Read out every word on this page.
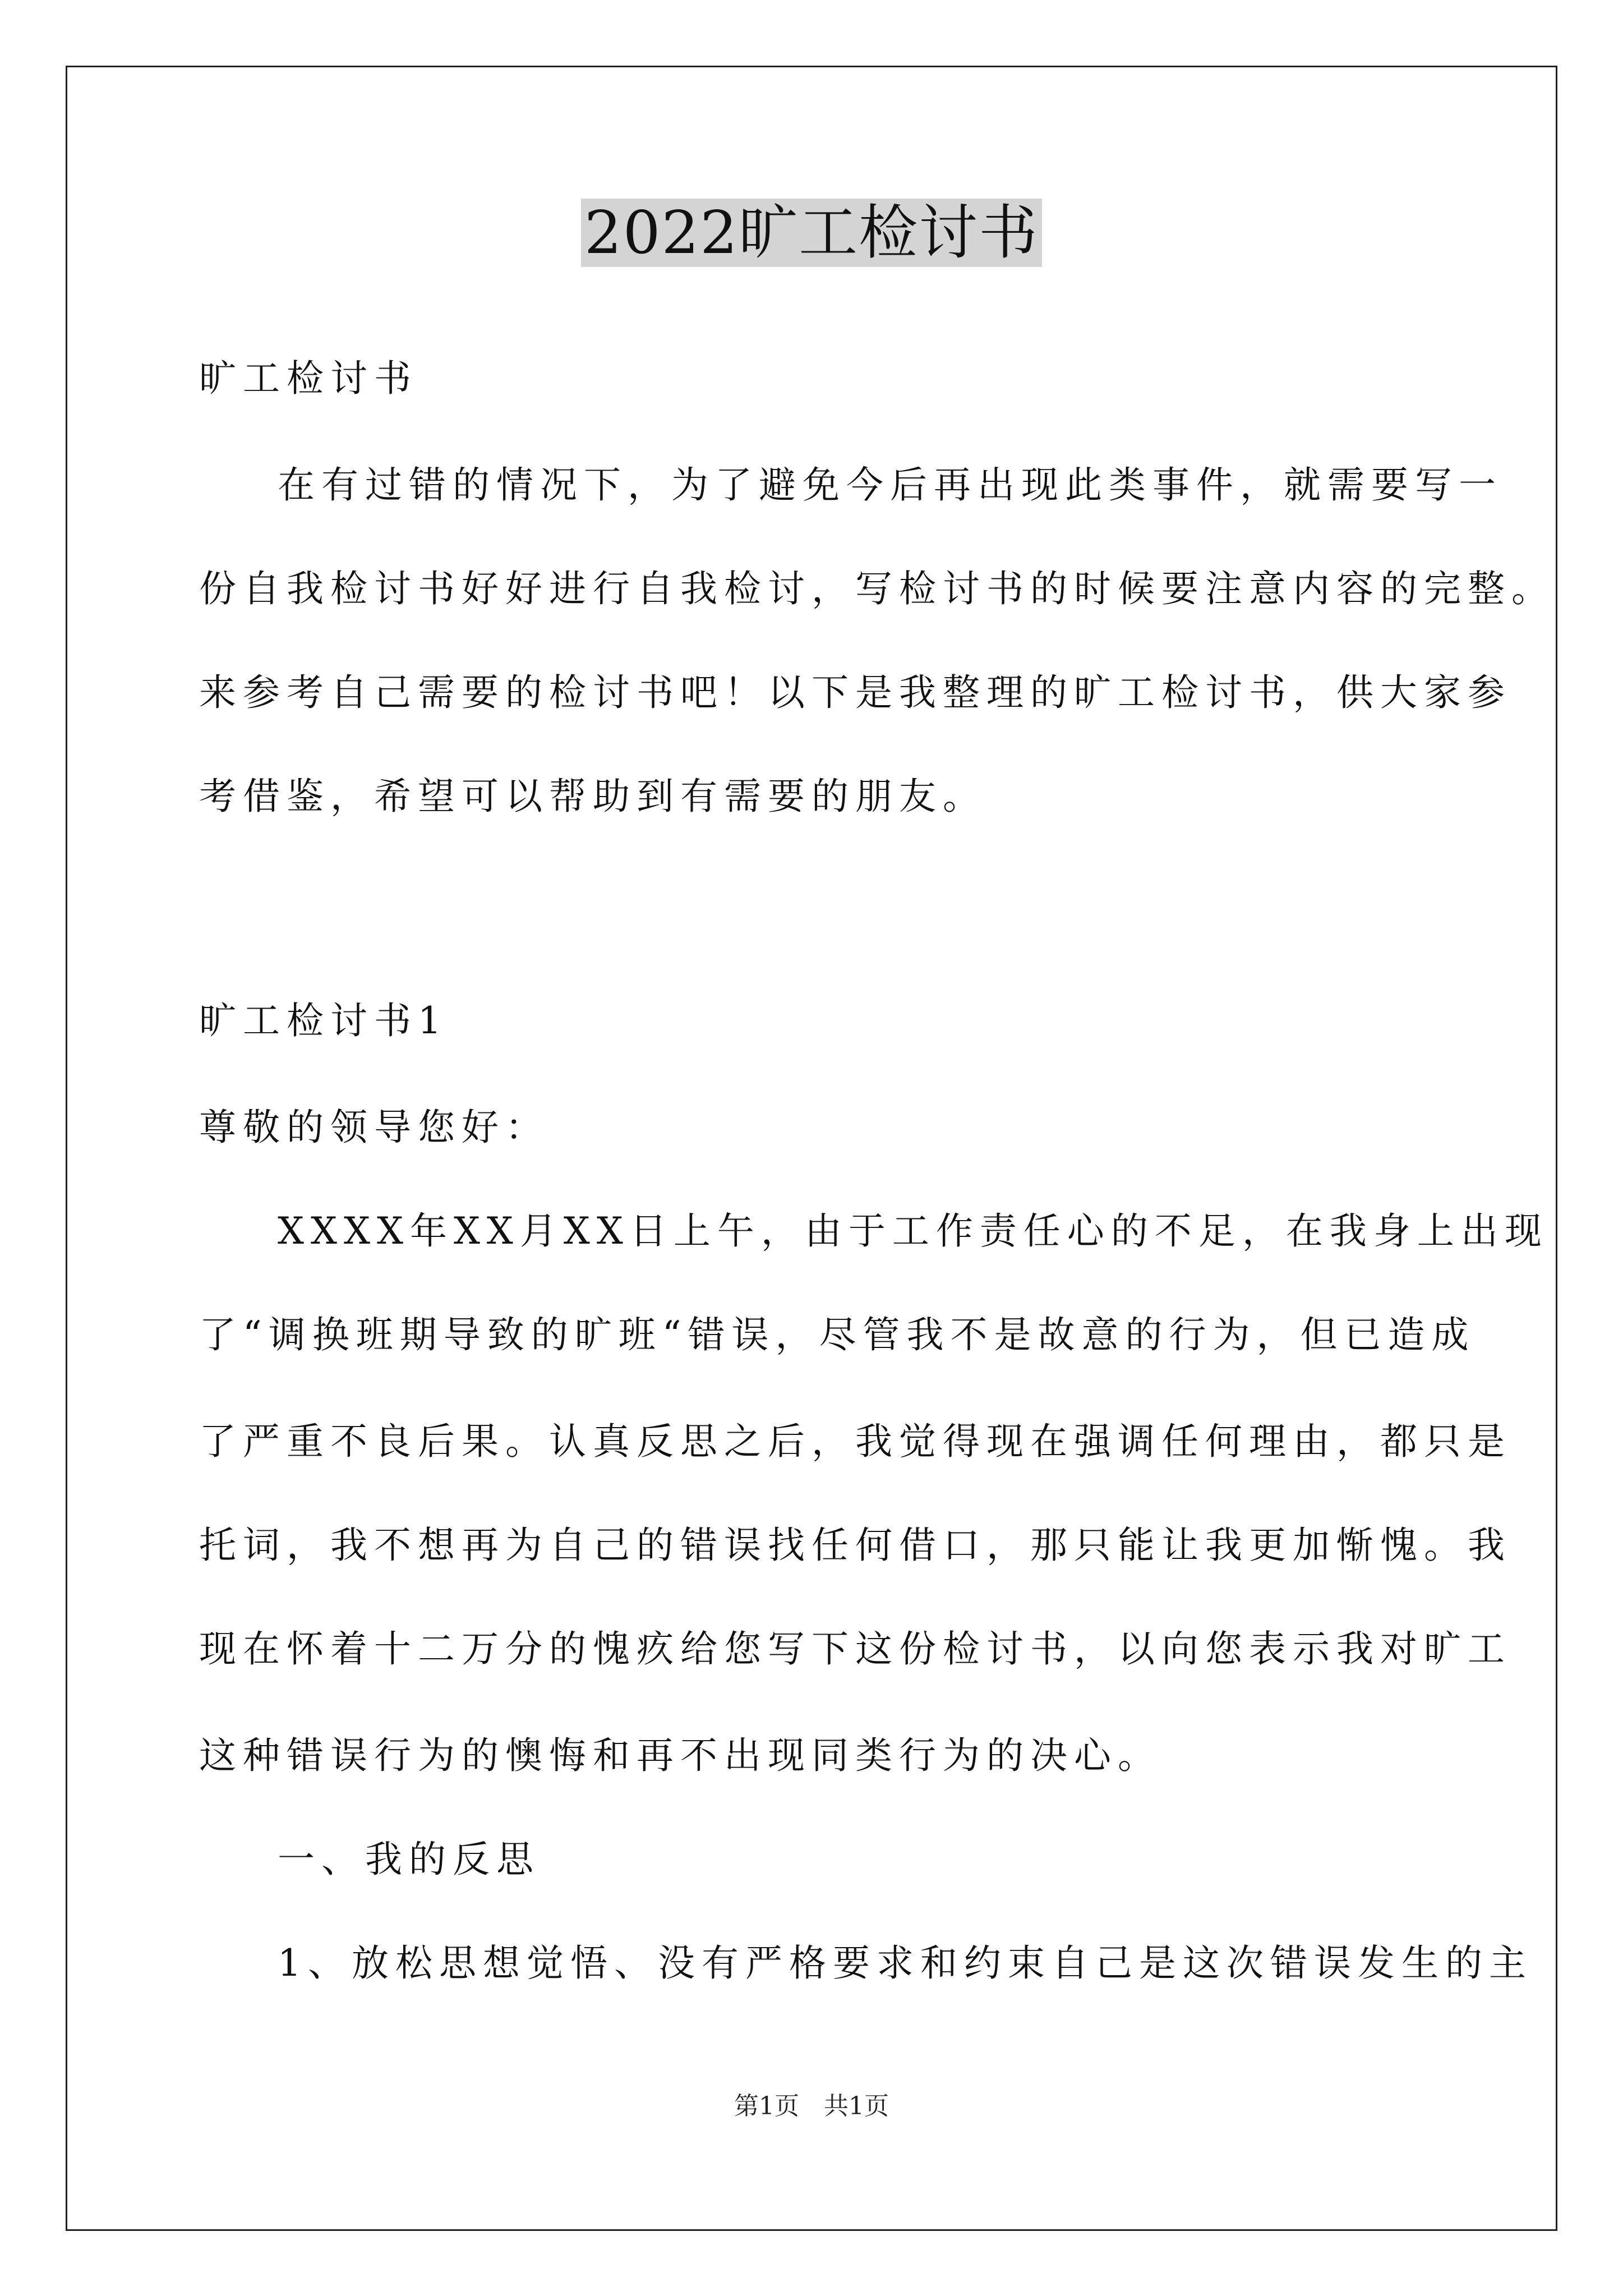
2022旷工检讨书
旷工检讨书
在有过错的情况下，为了避免今后再出现此类事件，就需要写一
份自我检讨书好好进行自我检讨，写检讨书的时候要注意内容的完整。
来参考自己需要的检讨书吧！以下是我整理的旷工检讨书，供大家参
考借鉴，希望可以帮助到有需要的朋友。
旷工检讨书1
尊敬的领导您好：
XXXX年XX月XX日上午，由于工作责任心的不足，在我身上出现
了“调换班期导致的旷班“错误，尽管我不是故意的行为，但已造成
了严重不良后果。认真反思之后，我觉得现在强调任何理由，都只是
托词，我不想再为自己的错误找任何借口，那只能让我更加惭愧。我
现在怀着十二万分的愧疚给您写下这份检讨书，以向您表示我对旷工
这种错误行为的懊悔和再不出现同类行为的决心。
一、我的反思
1、放松思想觉悟、没有严格要求和约束自己是这次错误发生的主
第1页　共1页
